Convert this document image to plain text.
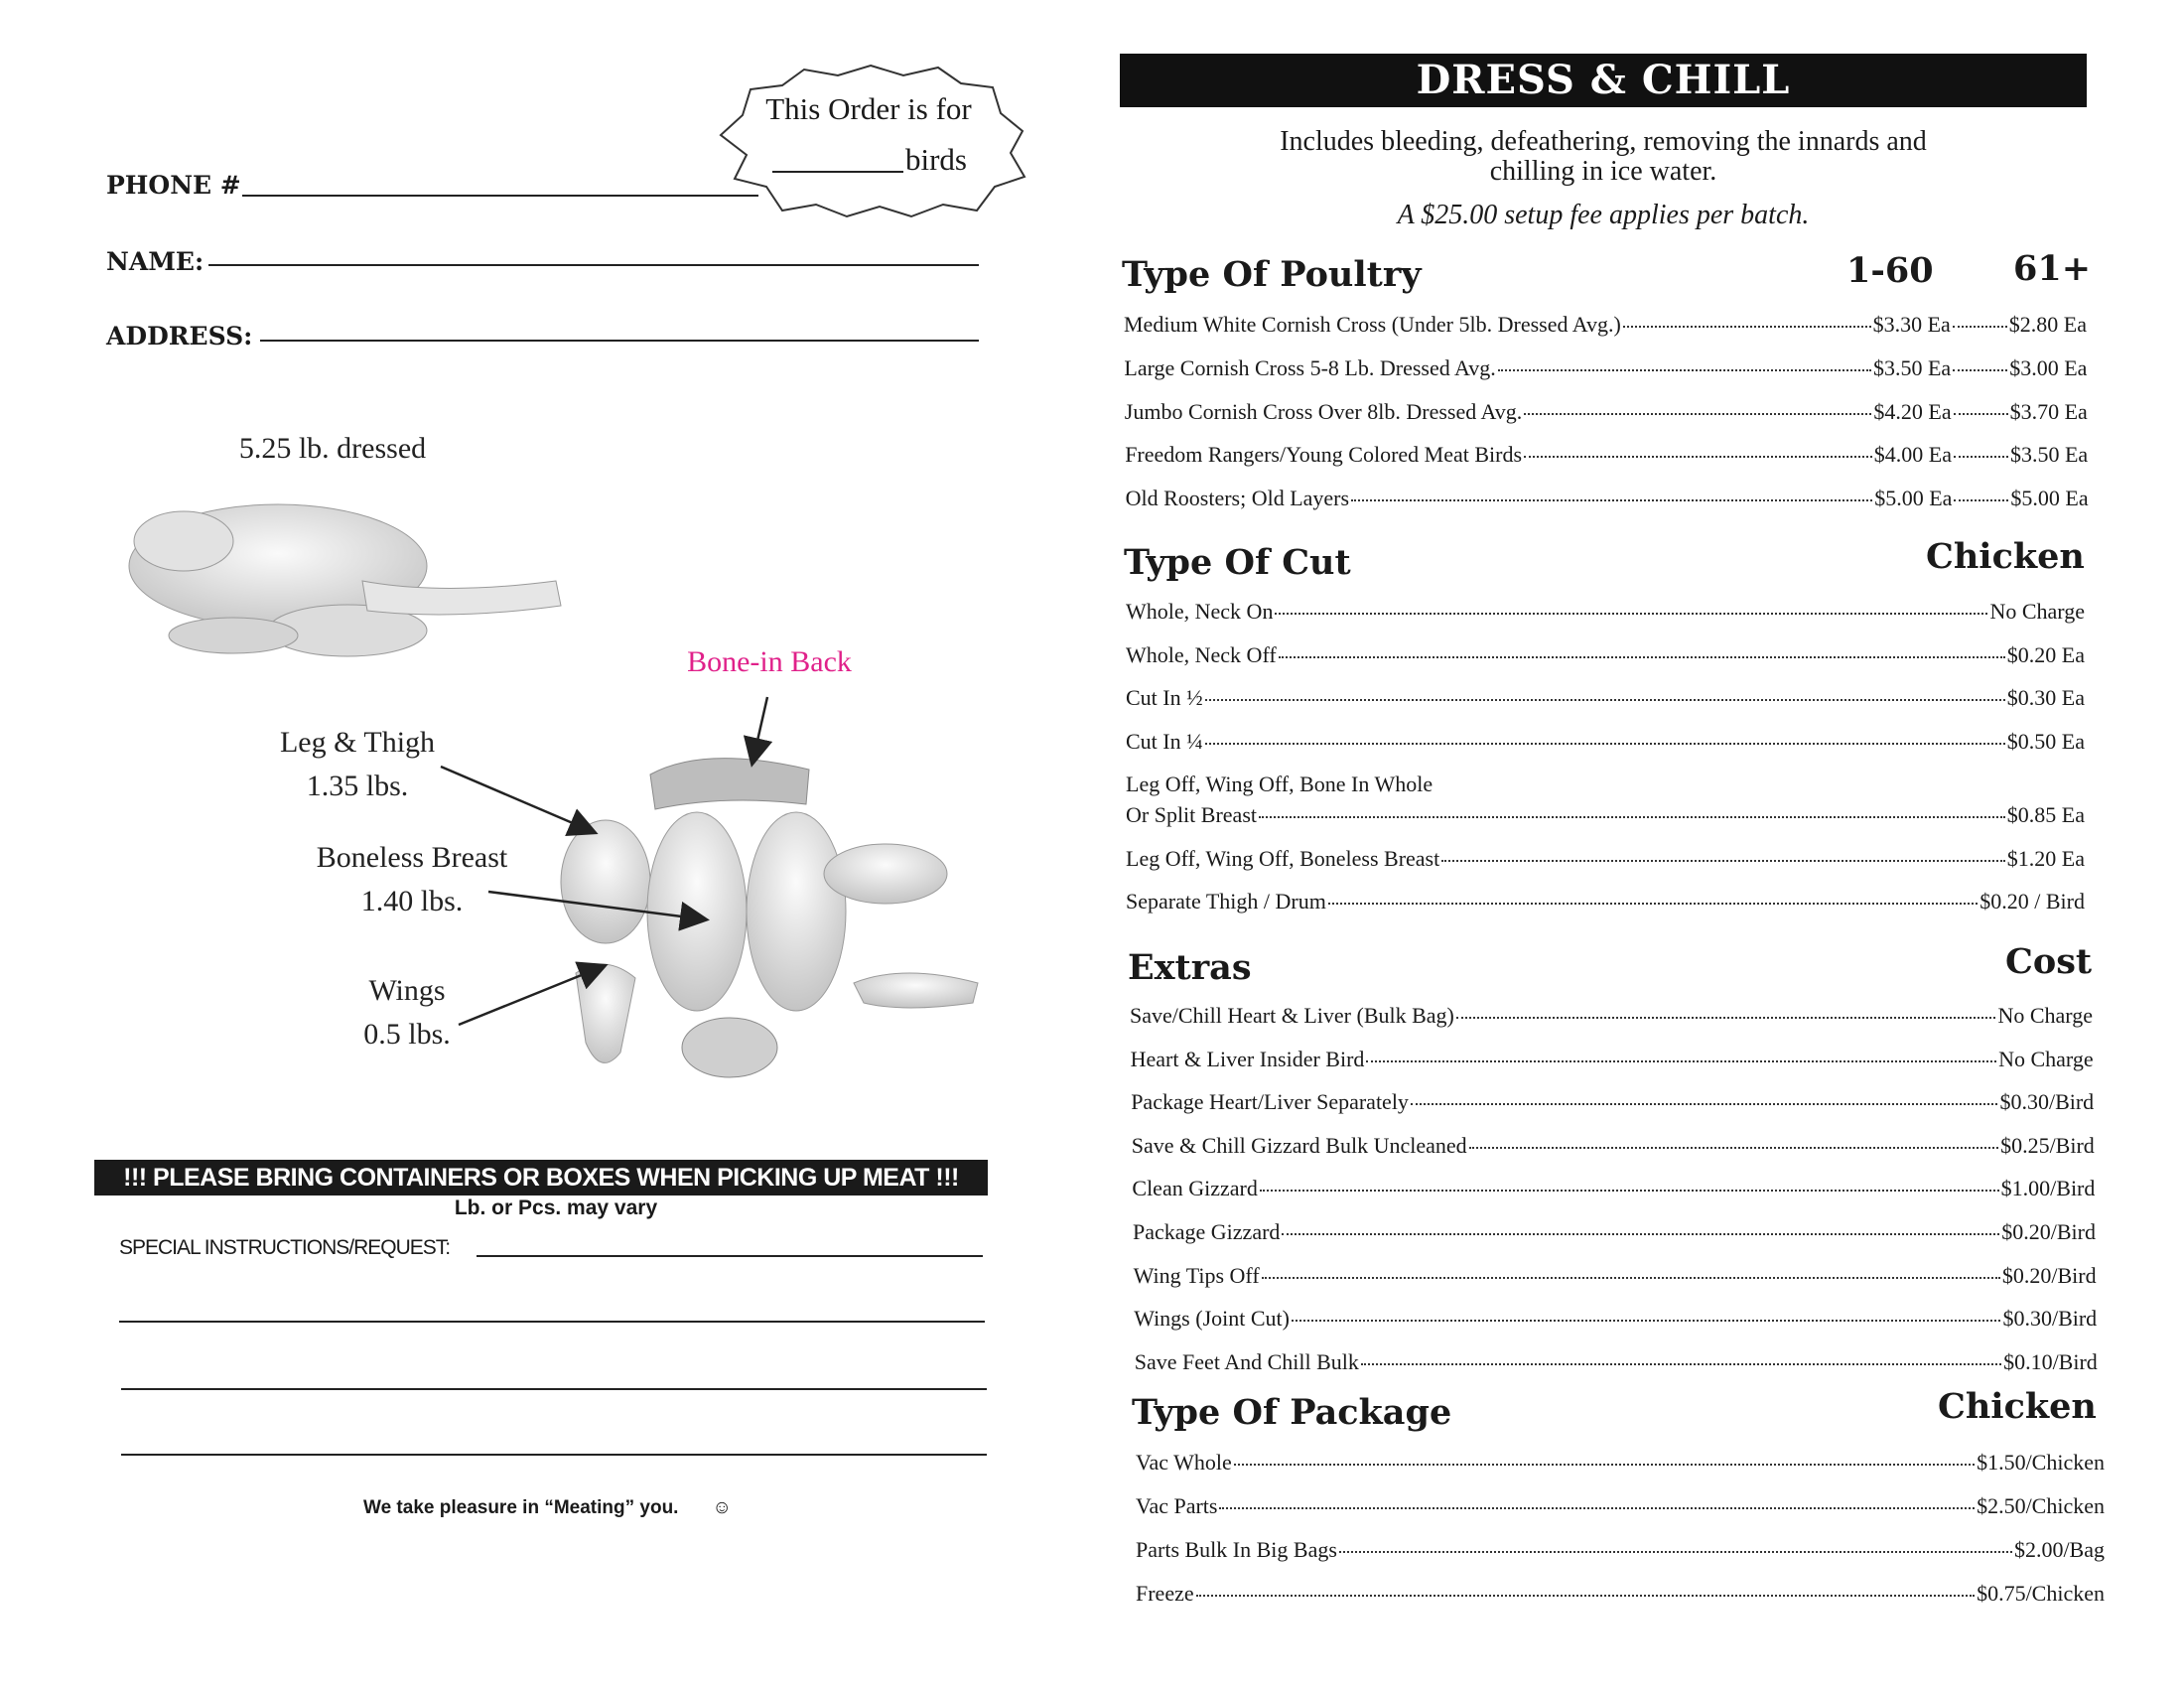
This Order is for
birds
PHONE #
NAME:
ADDRESS:
5.25 lb. dressed
Bone-in Back
Leg & Thigh
1.35 lbs.
Boneless Breast
1.40 lbs.
Wings
0.5 lbs.
!!! PLEASE BRING CONTAINERS OR BOXES WHEN PICKING UP MEAT !!!
Lb. or Pcs. may vary
SPECIAL INSTRUCTIONS/REQUEST:
We take pleasure in “Meating” you. ☺
DRESS & CHILL
Includes bleeding, defeathering, removing the innards and
chilling in ice water.
A $25.00 setup fee applies per batch.
Type Of Poultry	1-60 61+
Type Of Cut	Chicken
Extras	Cost
Type Of Package	Chicken
Medium White Cornish Cross (Under 5lb. Dressed Avg.)	$3.30 Ea	$2.80 Ea
Large Cornish Cross 5-8 Lb. Dressed Avg.	$3.50 Ea	$3.00 Ea
Jumbo Cornish Cross Over 8lb. Dressed Avg.	$4.20 Ea	$3.70 Ea
Freedom Rangers/Young Colored Meat Birds	$4.00 Ea	$3.50 Ea
Old Roosters; Old Layers	$5.00 Ea	$5.00 Ea
Whole, Neck On	No Charge
Whole, Neck Off	$0.20 Ea
Cut In ½	$0.30 Ea
Cut In ¼	$0.50 Ea
Leg Off, Wing Off, Bone In Whole
Or Split Breast	$0.85 Ea
Leg Off, Wing Off, Boneless Breast	$1.20 Ea
Separate Thigh / Drum	$0.20 / Bird
Save/Chill Heart & Liver (Bulk Bag)	No Charge
Heart & Liver Insider Bird	No Charge
Package Heart/Liver Separately	$0.30/Bird
Save & Chill Gizzard Bulk Uncleaned	$0.25/Bird
Clean Gizzard	$1.00/Bird
Package Gizzard	$0.20/Bird
Wing Tips Off	$0.20/Bird
Wings (Joint Cut)	$0.30/Bird
Save Feet And Chill Bulk	$0.10/Bird
Vac Whole	$1.50/Chicken
Vac Parts	$2.50/Chicken
Parts Bulk In Big Bags	$2.00/Bag
Freeze	$0.75/Chicken
